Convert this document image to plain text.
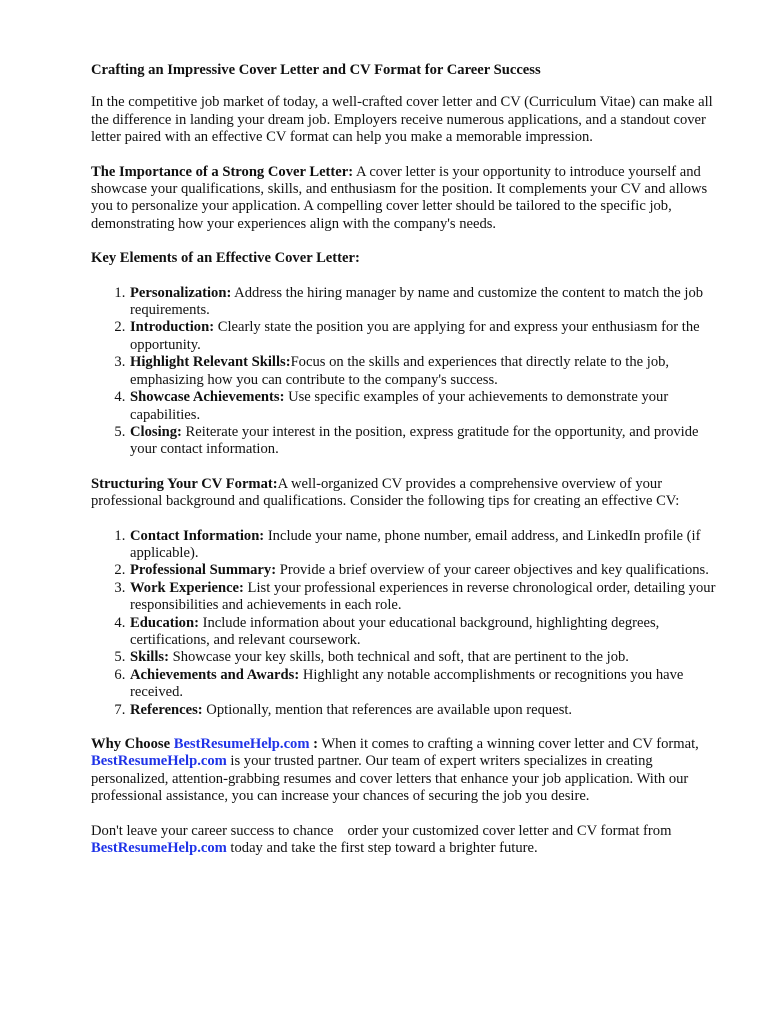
Crafting an Impressive Cover Letter and CV Format for Career Success

In the competitive job market of today, a well-crafted cover letter and CV (Curriculum Vitae) can make all the difference in landing your dream job. Employers receive numerous applications, and a standout cover letter paired with an effective CV format can help you make a memorable impression.

The Importance of a Strong Cover Letter: A cover letter is your opportunity to introduce yourself and showcase your qualifications, skills, and enthusiasm for the position. It complements your CV and allows you to personalize your application. A compelling cover letter should be tailored to the specific job, demonstrating how your experiences align with the company's needs.

Key Elements of an Effective Cover Letter:
1. Personalization: Address the hiring manager by name and customize the content to match the job requirements.
2. Introduction: Clearly state the position you are applying for and express your enthusiasm for the opportunity.
3. Highlight Relevant Skills:Focus on the skills and experiences that directly relate to the job, emphasizing how you can contribute to the company's success.
4. Showcase Achievements: Use specific examples of your achievements to demonstrate your capabilities.
5. Closing: Reiterate your interest in the position, express gratitude for the opportunity, and provide your contact information.

Structuring Your CV Format:A well-organized CV provides a comprehensive overview of your professional background and qualifications. Consider the following tips for creating an effective CV:

1. Contact Information: Include your name, phone number, email address, and LinkedIn profile (if applicable).
2. Professional Summary: Provide a brief overview of your career objectives and key qualifications.
3. Work Experience: List your professional experiences in reverse chronological order, detailing your responsibilities and achievements in each role.
4. Education: Include information about your educational background, highlighting degrees, certifications, and relevant coursework.
5. Skills: Showcase your key skills, both technical and soft, that are pertinent to the job.
6. Achievements and Awards: Highlight any notable accomplishments or recognitions you have received.
7. References: Optionally, mention that references are available upon request.

Why Choose BestResumeHelp.com : When it comes to crafting a winning cover letter and CV format, BestResumeHelp.com is your trusted partner. Our team of expert writers specializes in creating personalized, attention-grabbing resumes and cover letters that enhance your job application. With our professional assistance, you can increase your chances of securing the job you desire.

Don't leave your career success to chance order your customized cover letter and CV format from BestResumeHelp.com today and take the first step toward a brighter future.
